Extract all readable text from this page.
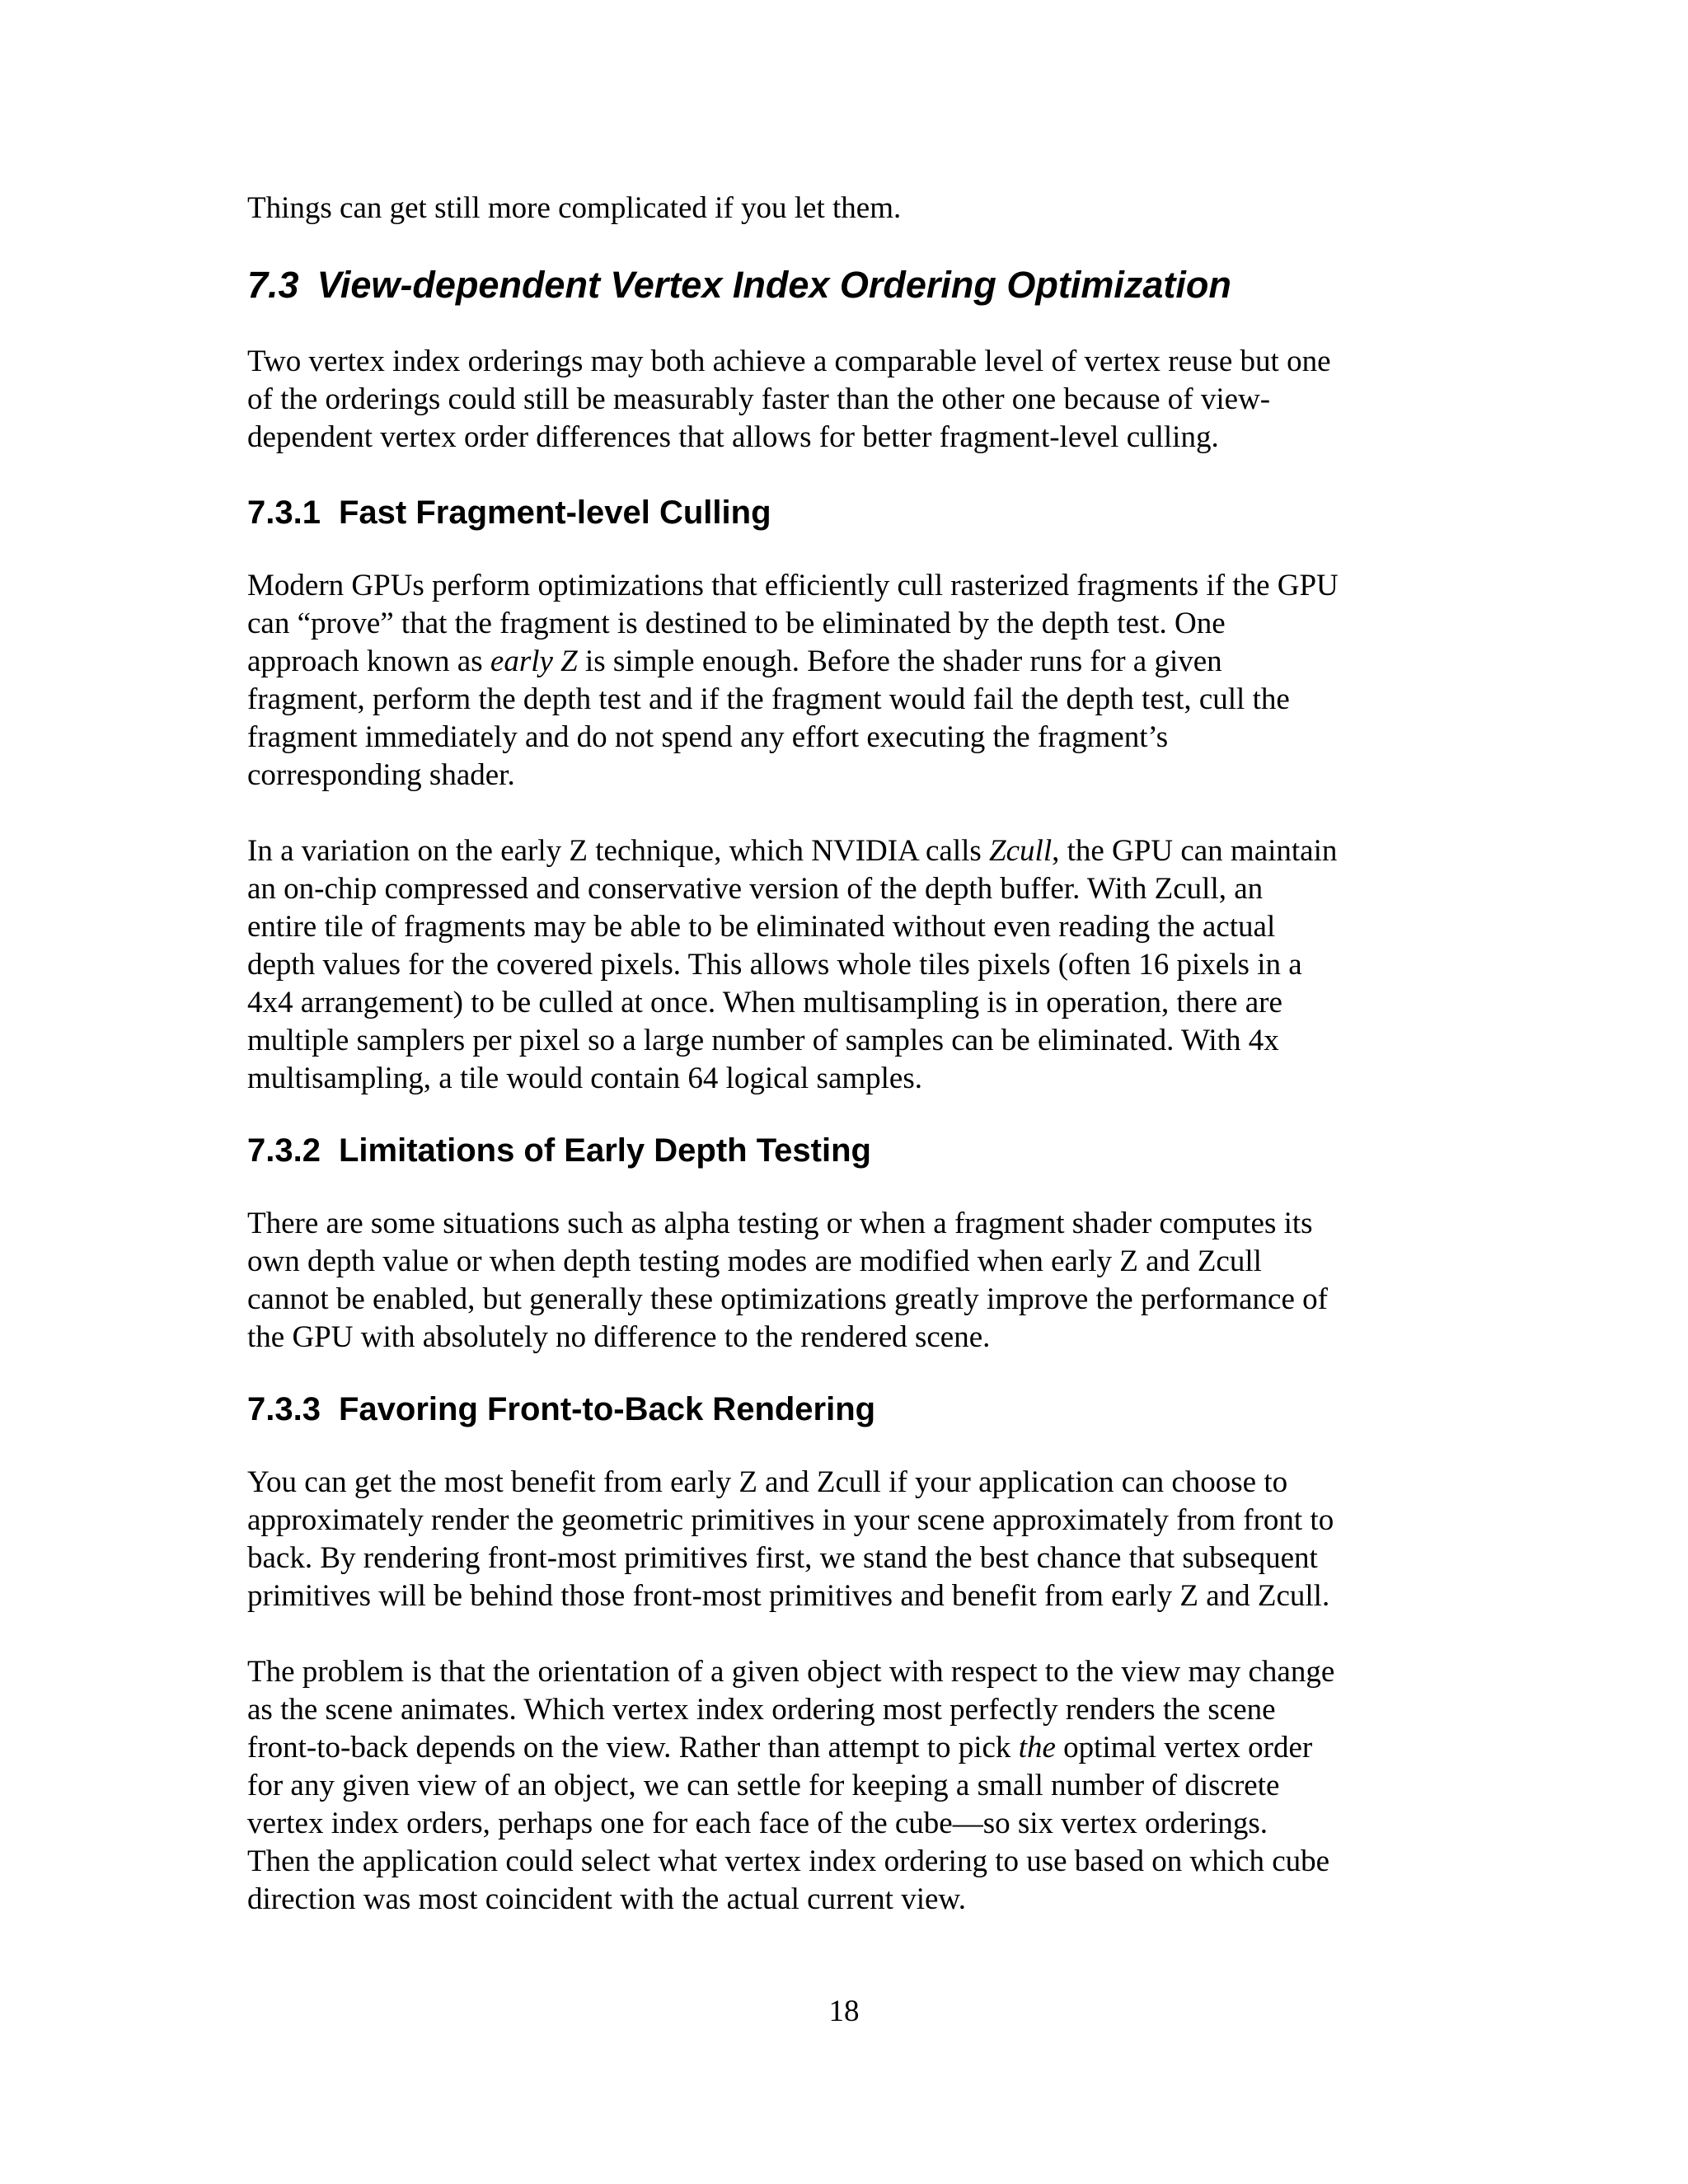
Things can get still more complicated if you let them.

7.3 View-dependent Vertex Index Ordering Optimization

Two vertex index orderings may both achieve a comparable level of vertex reuse but one
of the orderings could still be measurably faster than the other one because of view-
dependent vertex order differences that allows for better fragment-level culling.

7.3.1 Fast Fragment-level Culling

Modern GPUs perform optimizations that efficiently cull rasterized fragments if the GPU
can “prove” that the fragment is destined to be eliminated by the depth test. One
approach known as early Z is simple enough. Before the shader runs for a given
fragment, perform the depth test and if the fragment would fail the depth test, cull the
fragment immediately and do not spend any effort executing the fragment’s
corresponding shader.

In a variation on the early Z technique, which NVIDIA calls Zcull, the GPU can maintain
an on-chip compressed and conservative version of the depth buffer. With Zcull, an
entire tile of fragments may be able to be eliminated without even reading the actual
depth values for the covered pixels. This allows whole tiles pixels (often 16 pixels in a
4x4 arrangement) to be culled at once. When multisampling is in operation, there are
multiple samplers per pixel so a large number of samples can be eliminated. With 4x
multisampling, a tile would contain 64 logical samples.

7.3.2 Limitations of Early Depth Testing

There are some situations such as alpha testing or when a fragment shader computes its
own depth value or when depth testing modes are modified when early Z and Zcull
cannot be enabled, but generally these optimizations greatly improve the performance of
the GPU with absolutely no difference to the rendered scene.

7.3.3 Favoring Front-to-Back Rendering

You can get the most benefit from early Z and Zcull if your application can choose to
approximately render the geometric primitives in your scene approximately from front to
back. By rendering front-most primitives first, we stand the best chance that subsequent
primitives will be behind those front-most primitives and benefit from early Z and Zcull.

The problem is that the orientation of a given object with respect to the view may change
as the scene animates. Which vertex index ordering most perfectly renders the scene
front-to-back depends on the view. Rather than attempt to pick the optimal vertex order
for any given view of an object, we can settle for keeping a small number of discrete
vertex index orders, perhaps one for each face of the cube—so six vertex orderings.
Then the application could select what vertex index ordering to use based on which cube
direction was most coincident with the actual current view.

18
